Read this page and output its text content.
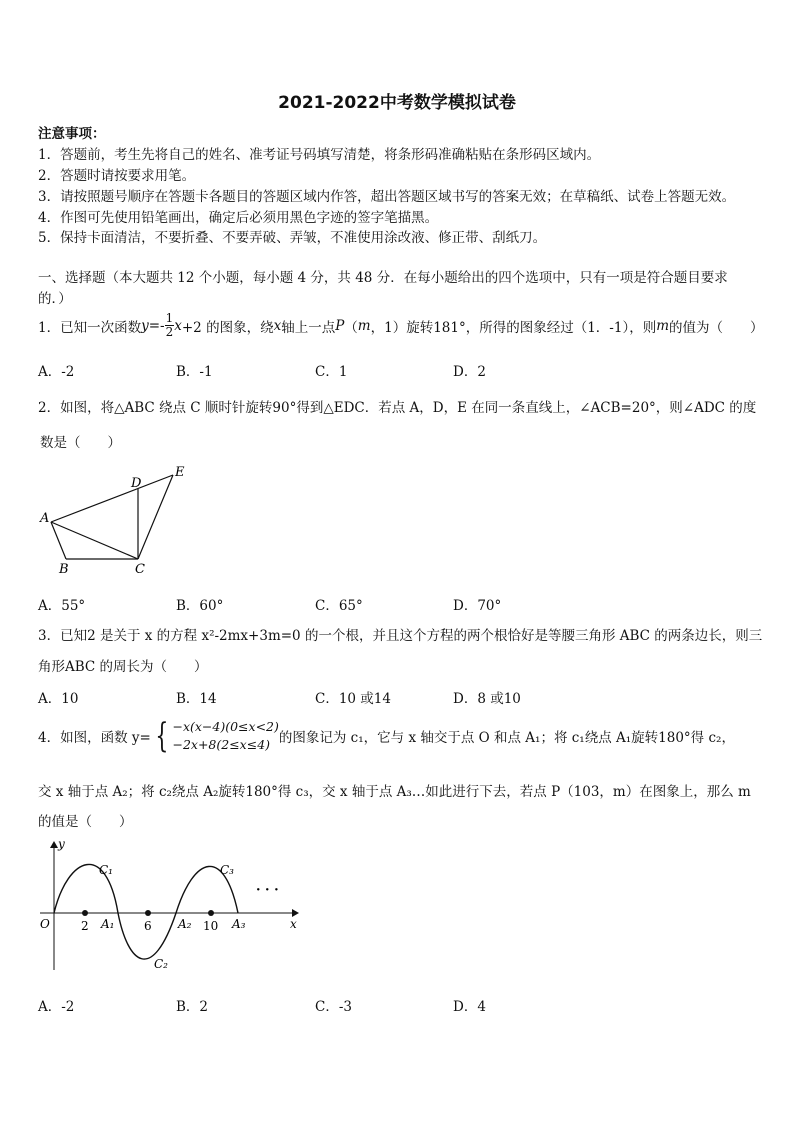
2021-2022中考数学模拟试卷
注意事项：
1．答题前，考生先将自己的姓名、准考证号码填写清楚，将条形码准确粘贴在条形码区域内。
2．答题时请按要求用笔。
3．请按照题号顺序在答题卡各题目的答题区域内作答，超出答题区域书写的答案无效；在草稿纸、试卷上答题无效。
4．作图可先使用铅笔画出，确定后必须用黑色字迹的签字笔描黑。
5．保持卡面清洁，不要折叠、不要弄破、弄皱，不准使用涂改液、修正带、刮纸刀。
一、选择题（本大题共 12 个小题，每小题 4 分，共 48 分．在每小题给出的四个选项中，只有一项是符合题目要求
的．）
1．已知一次函数 $y =- \frac{1}{2}$ x +2 的图象，绕 x 轴上一点 P （ m ，1）旋转181°，所得的图象经过（1．-1），则 m 的值为（　　）
A．-2	B．-1	C．1	D．2
2．如图，将△ABC 绕点 C 顺时针旋转90°得到△EDC．若点 A，D，E 在同一条直线上，∠ACB=20°，则∠ADC 的度
数是（　　）
A
B	C
D
E
A．55°	B．60°	C．65°	D．70°
3．已知2 是关于 x 的方程 x²-2mx+3m=0 的一个根，并且这个方程的两个根恰好是等腰三角形 ABC 的两条边长，则三
角形ABC 的周长为（　　）
A．10	B．14	C．10 或14	D．8 或10
4．如图，函数 y= { −x(x−4)(0≤x<2)
−2x+8(2≤x≤4) 的图象记为 c₁，它与 x 轴交于点 O 和点 A₁；将 c₁绕点 A₁旋转180°得 c₂，
交 x 轴于点 A₂；将 c₂绕点 A₂旋转180°得 c₃，交 x 轴于点 A₃…如此进行下去，若点 P（103，m）在图象上，那么 m
的值是（　　）
y
x
O
C₁
C₂
C₃
A₁	A₂	A₃
2	6	10
· · ·
A．-2	B．2	C．-3	D．4
